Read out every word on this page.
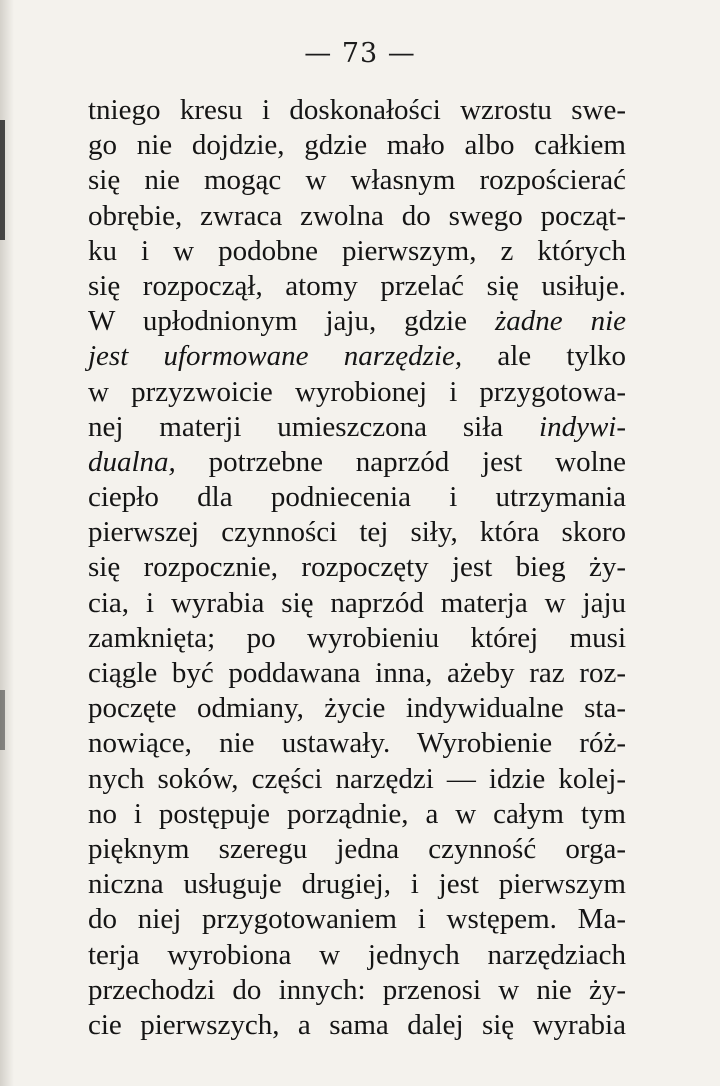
— 73 —
tniego kresu i doskonałości wzrostu swe-
go nie dojdzie, gdzie mało albo całkiem
się nie mogąc w własnym rozpościerać
obrębie, zwraca zwolna do swego począt-
ku i w podobne pierwszym, z których
się rozpoczął, atomy przelać się usiłuje.
W upłodnionym jaju, gdzie żadne nie
jest uformowane narzędzie, ale tylko
w przyzwoicie wyrobionej i przygotowa-
nej materji umieszczona siła indywi-
dualna, potrzebne naprzód jest wolne
ciepło dla podniecenia i utrzymania
pierwszej czynności tej siły, która skoro
się rozpocznie, rozpoczęty jest bieg ży-
cia, i wyrabia się naprzód materja w jaju
zamknięta; po wyrobieniu której musi
ciągle być poddawana inna, ażeby raz roz-
poczęte odmiany, życie indywidualne sta-
nowiące, nie ustawały. Wyrobienie róż-
nych soków, części narzędzi — idzie kolej-
no i postępuje porządnie, a w całym tym
pięknym szeregu jedna czynność orga-
niczna usługuje drugiej, i jest pierwszym
do niej przygotowaniem i wstępem. Ma-
terja wyrobiona w jednych narzędziach
przechodzi do innych: przenosi w nie ży-
cie pierwszych, a sama dalej się wyrabia
